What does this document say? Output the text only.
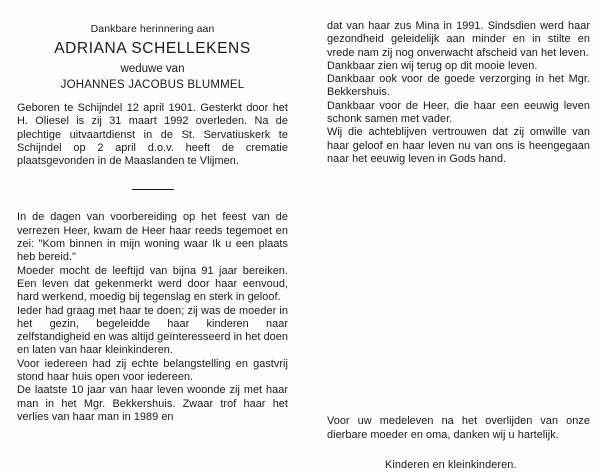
Dankbare herinnering aan
ADRIANA SCHELLEKENS
weduwe van
JOHANNES JACOBUS BLUMMEL

Geboren te Schijndel 12 april 1901. Gesterkt door het H. Oliesel is zij 31 maart 1992 overleden. Na de plechtige uitvaartdienst in de St. Servatiuskerk te Schijndel op 2 april d.o.v. heeft de crematie plaatsgevonden in de Maaslanden te Vlijmen.

In de dagen van voorbereiding op het feest van de verrezen Heer, kwam de Heer haar reeds tegemoet en zei: "Kom binnen in mijn woning waar Ik u een plaats heb bereid."

Moeder mocht de leeftijd van bijna 91 jaar bereiken. Een leven dat gekenmerkt werd door haar eenvoud, hard werkend, moedig bij tegenslag en sterk in geloof.

Ieder had graag met haar te doen; zij was de moeder in het gezin, begeleidde haar kinderen naar zelfstandigheid en was altijd geïnteresseerd in het doen en laten van haar kleinkinderen.

Voor iedereen had zij echte belangstelling en gastvrij stond haar huis open voor iedereen.

De laatste 10 jaar van haar leven woonde zij met haar man in het Mgr. Bekkershuis. Zwaar trof haar het verlies van haar man in 1989 en

dat van haar zus Mina in 1991. Sindsdien werd haar gezondheid geleidelijk aan minder en in stilte en vrede nam zij nog onverwacht afscheid van het leven.

Dankbaar zien wij terug op dit mooie leven.

Dankbaar ook voor de goede verzorging in het Mgr. Bekkershuis.

Dankbaar voor de Heer, die haar een eeuwig leven schonk samen met vader.

Wij die achteblijven vertrouwen dat zij omwille van haar geloof en haar leven nu van ons is heengegaan naar het eeuwig leven in Gods hand.

Voor uw medeleven na het overlijden van onze dierbare moeder en oma, danken wij u hartelijk.

Kinderen en kleinkinderen.
